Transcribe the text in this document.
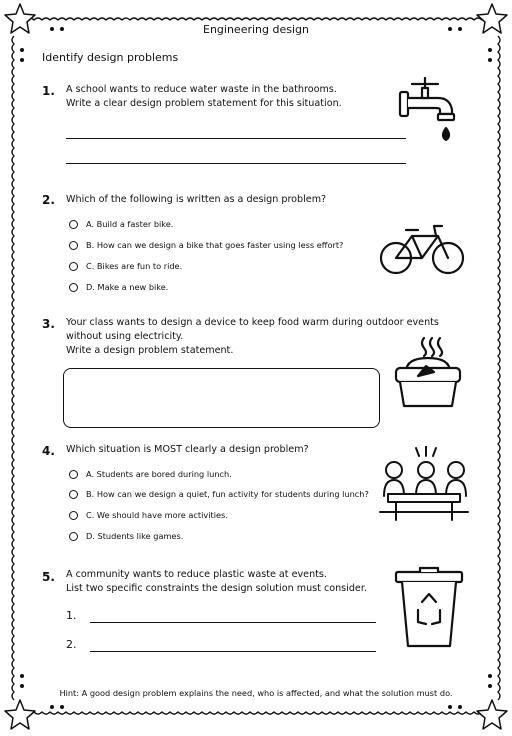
Engineering design
Identify design problems
1. A school wants to reduce water waste in the bathrooms.
Write a clear design problem statement for this situation.
2. Which of the following is written as a design problem?
A. Build a faster bike.
B. How can we design a bike that goes faster using less effort?
C. Bikes are fun to ride.
D. Make a new bike.
3. Your class wants to design a device to keep food warm during outdoor events
without using electricity.
Write a design problem statement.
4. Which situation is MOST clearly a design problem?
A. Students are bored during lunch.
B. How can we design a quiet, fun activity for students during lunch?
C. We should have more activities.
D. Students like games.
5. A community wants to reduce plastic waste at events.
List two specific constraints the design solution must consider.
1.
2.
Hint: A good design problem explains the need, who is affected, and what the solution must do.
